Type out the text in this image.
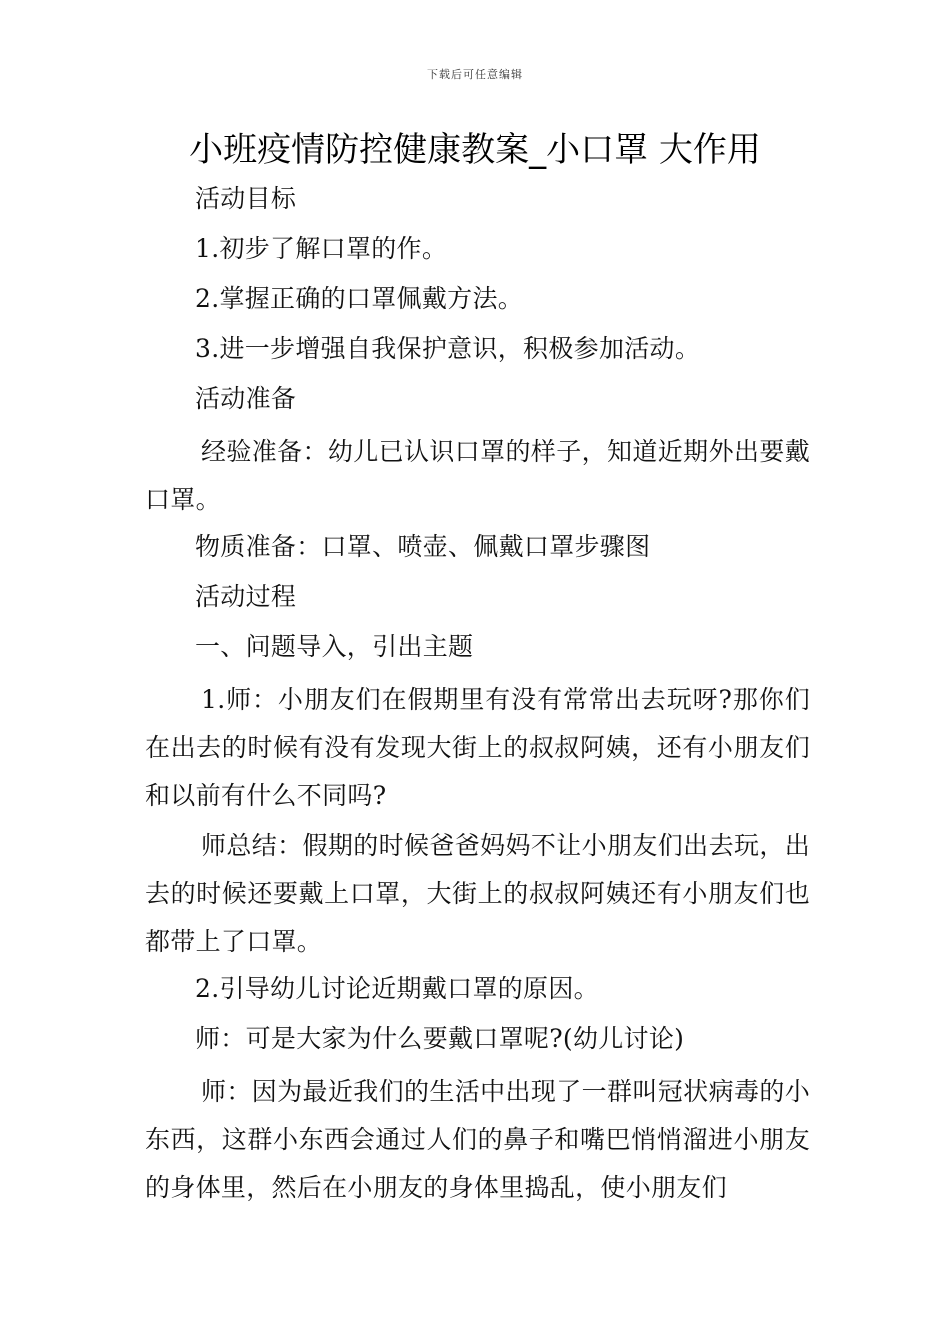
下载后可任意编辑
小班疫情防控健康教案_小口罩 大作用

活动目标

1.初步了解口罩的作。

2.掌握正确的口罩佩戴方法。

3.进一步增强自我保护意识，积极参加活动。

活动准备

经验准备：幼儿已认识口罩的样子，知道近期外出要戴口罩。

物质准备：口罩、喷壶、佩戴口罩步骤图

活动过程

一、问题导入，引出主题

1.师：小朋友们在假期里有没有常常出去玩呀?那你们在出去的时候有没有发现大街上的叔叔阿姨，还有小朋友们和以前有什么不同吗?

师总结：假期的时候爸爸妈妈不让小朋友们出去玩，出去的时候还要戴上口罩，大街上的叔叔阿姨还有小朋友们也都带上了口罩。

2.引导幼儿讨论近期戴口罩的原因。

师：可是大家为什么要戴口罩呢?(幼儿讨论)

师：因为最近我们的生活中出现了一群叫冠状病毒的小东西，这群小东西会通过人们的鼻子和嘴巴悄悄溜进小朋友的身体里，然后在小朋友的身体里捣乱，使小朋友们
